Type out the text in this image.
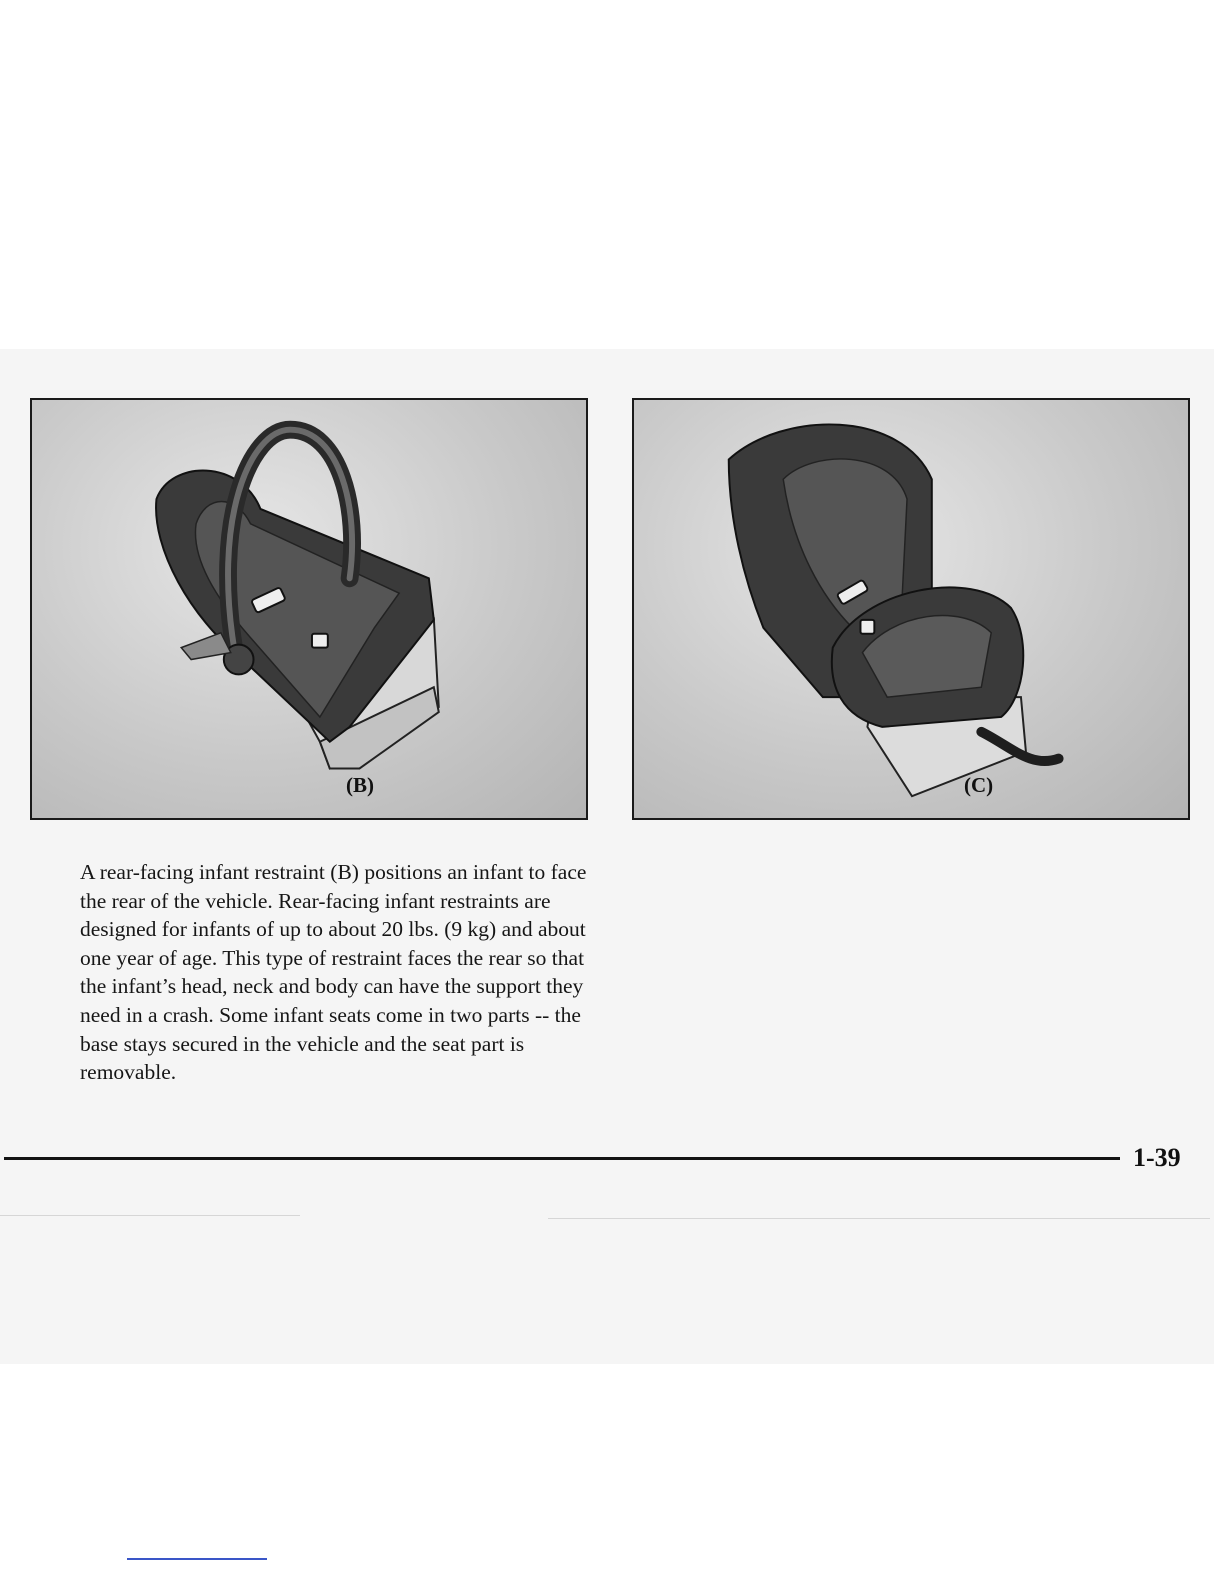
(B)	(C)

A rear-facing infant restraint (B) positions an infant to face the rear of the vehicle. Rear-facing infant restraints are designed for infants of up to about 20 lbs. (9 kg) and about one year of age. This type of restraint faces the rear so that the infant’s head, neck and body can have the support they need in a crash. Some infant seats come in two parts -- the base stays secured in the vehicle and the seat part is removable.

1-39
